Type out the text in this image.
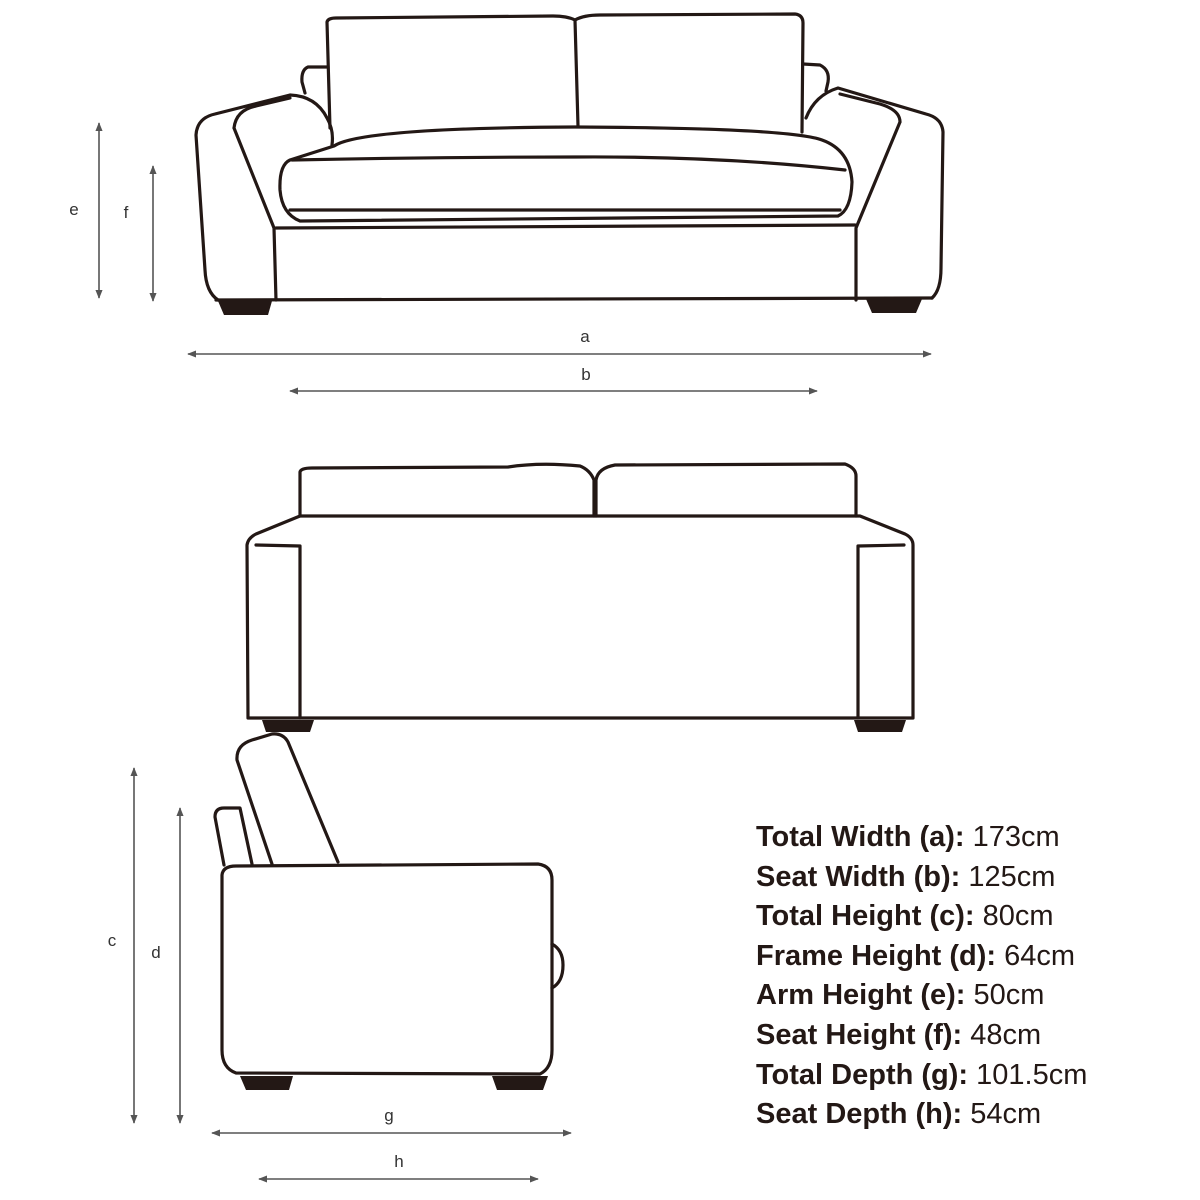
a
b
e	f
c
d
g
h
Total Width (a): 173cm
Seat Width (b): 125cm
Total Height (c): 80cm
Frame Height (d): 64cm
Arm Height (e): 50cm
Seat Height (f): 48cm
Total Depth (g): 101.5cm
Seat Depth (h): 54cm
